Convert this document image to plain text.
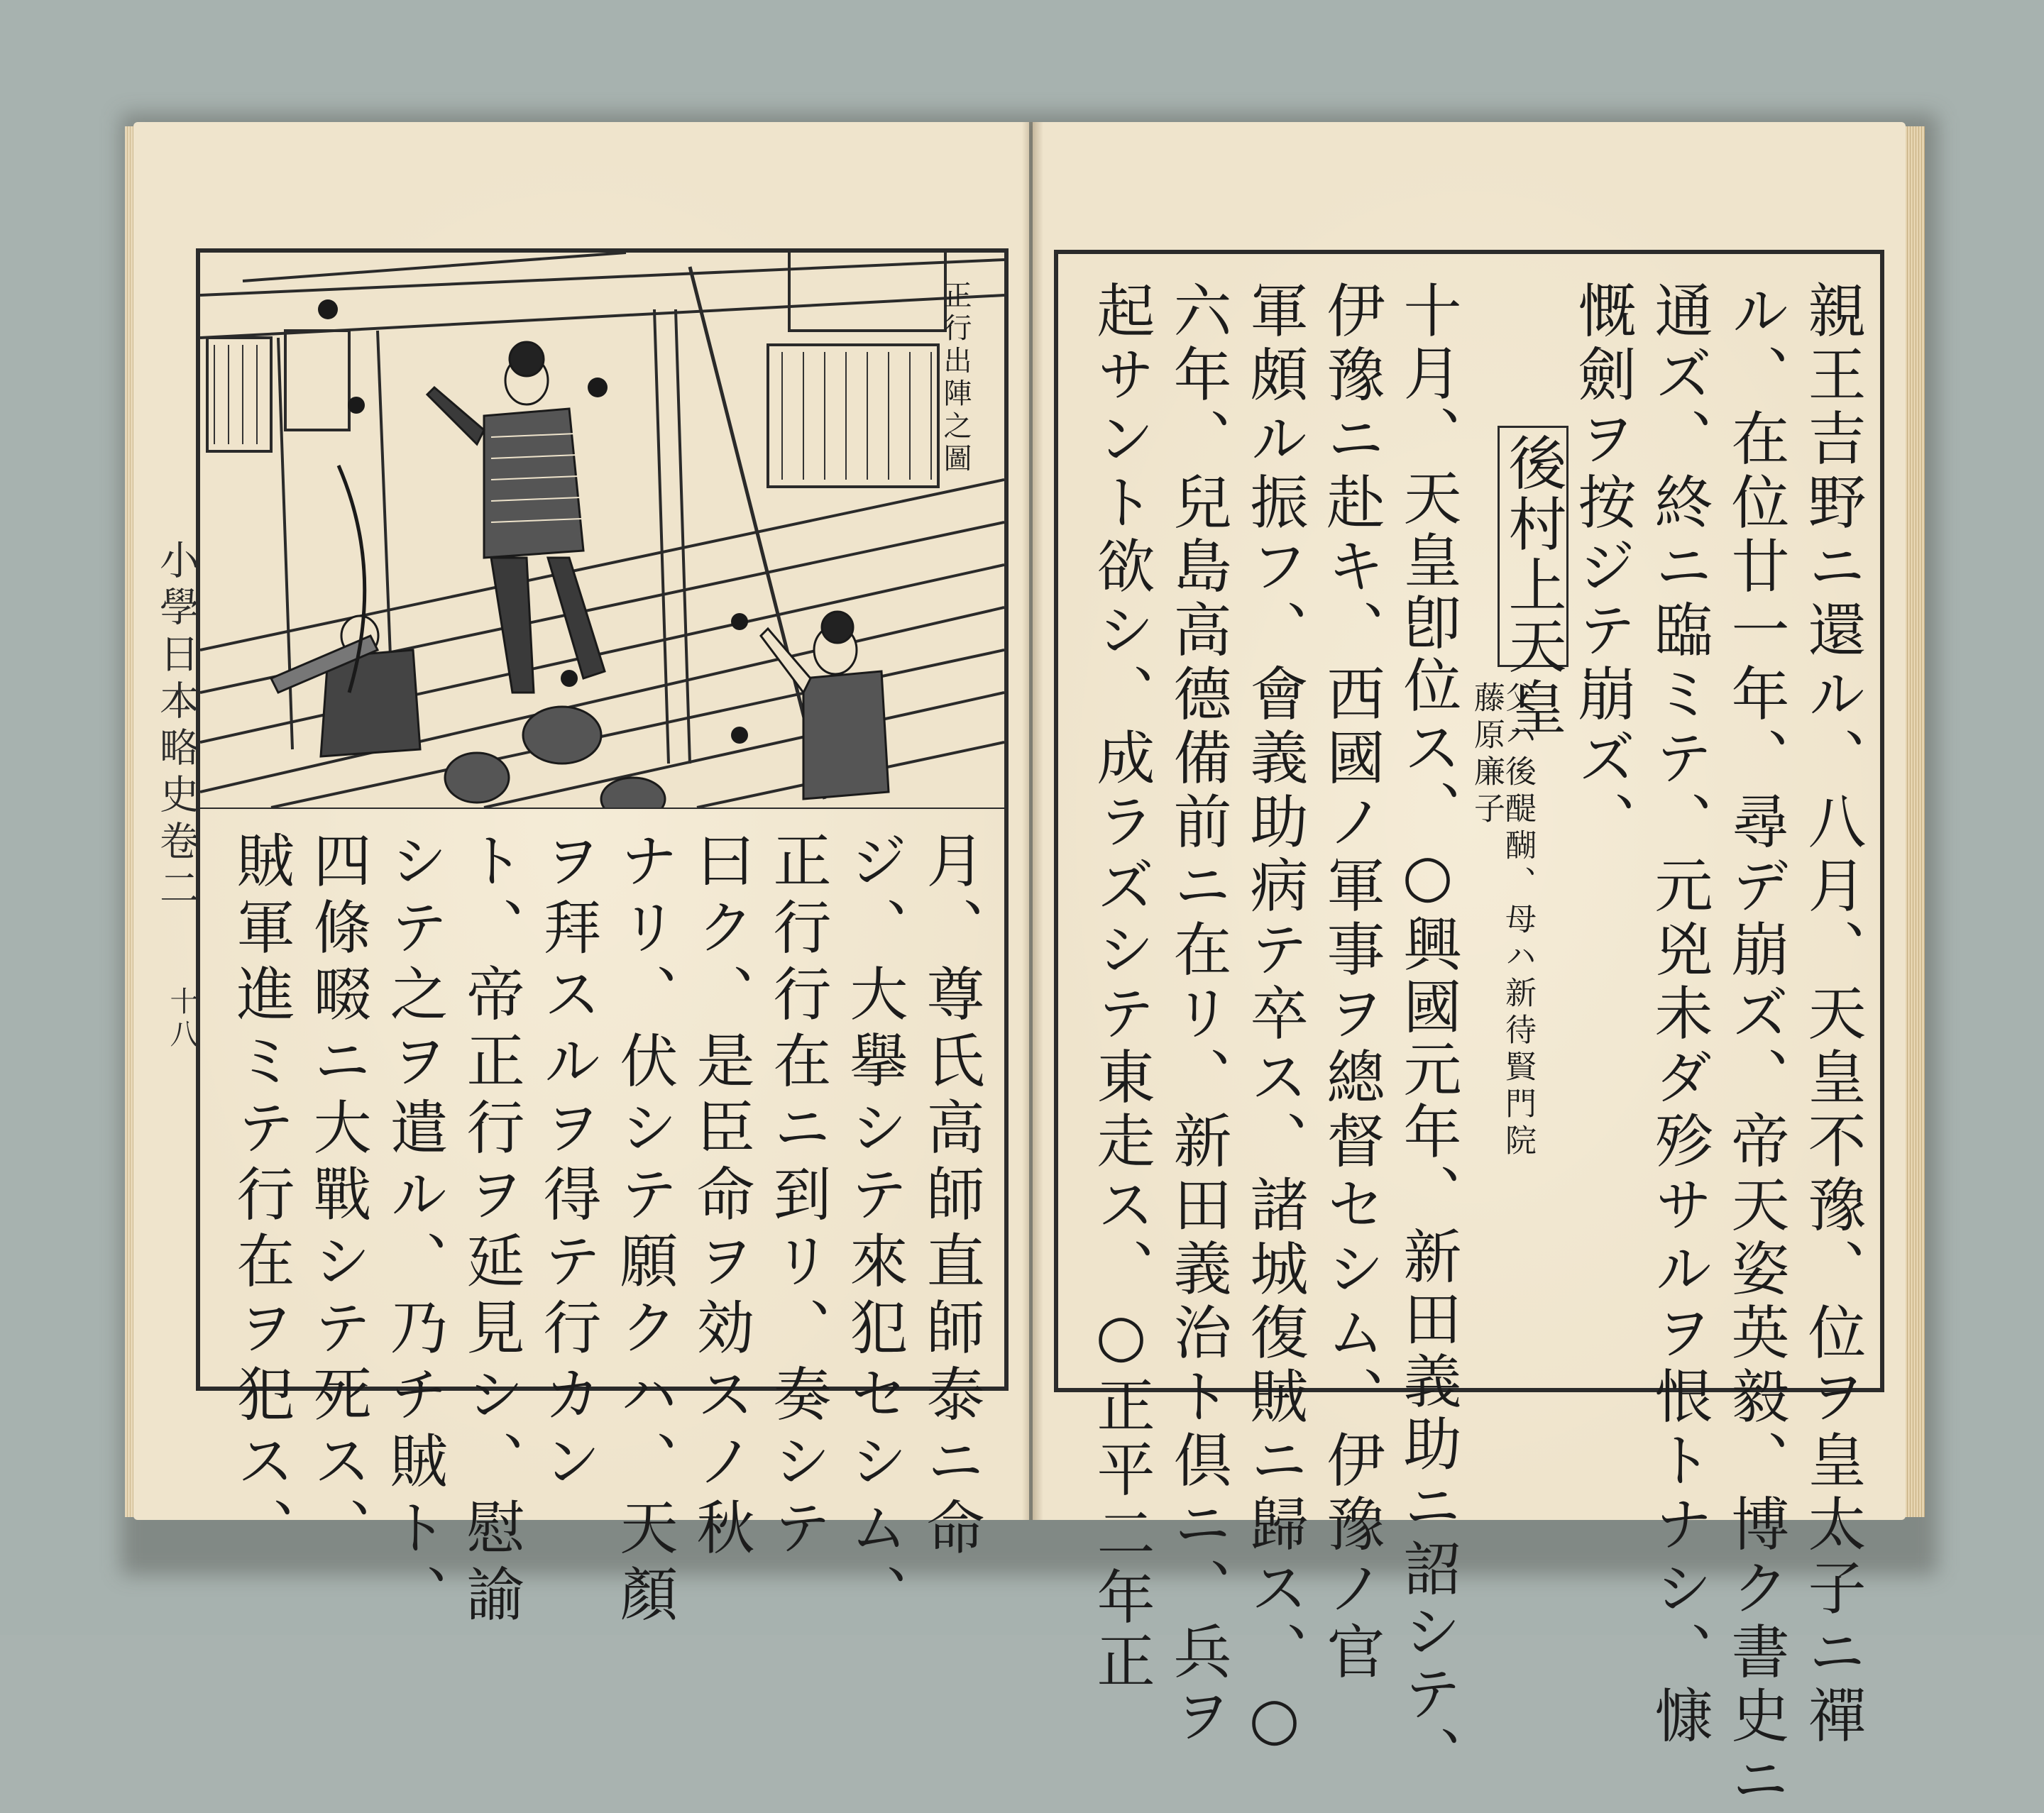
小學日本略史卷二
十八
正行出陣之圖
月、尊氏高師直師泰ニ命
ジ、大擧シテ來犯セシム、
正行行在ニ到リ、奏シテ
曰ク、是臣命ヲ効スノ秋
ナリ、伏シテ願クハ、天顏
ヲ拜スルヲ得テ行カン
ト、帝正行ヲ延見シ、慰諭
シテ之ヲ遣ル、乃チ賊ト、
四條畷ニ大戰シテ死ス、
賊軍進ミテ行在ヲ犯ス、	親王吉野ニ還ル、八月、天皇不豫、位ヲ皇太子ニ禪
ル、在位廿一年、尋デ崩ズ、帝天姿英毅、博ク書史ニ
通ズ、終ニ臨ミテ、元兇未ダ殄サルヲ恨トナシ、慷
慨劍ヲ按ジテ崩ズ、
後村上天皇
父ハ後醍醐、母ハ新待賢門院藤原廉子
十月、天皇卽位ス、○興國元年、新田義助ニ詔シテ、
伊豫ニ赴キ、西國ノ軍事ヲ總督セシム、伊豫ノ官
軍頗ル振フ、會義助病テ卒ス、諸城復賊ニ歸ス、○
六年、兒島高德備前ニ在リ、新田義治ト倶ニ、兵ヲ
起サント欲シ、成ラズシテ東走ス、○正平二年正
